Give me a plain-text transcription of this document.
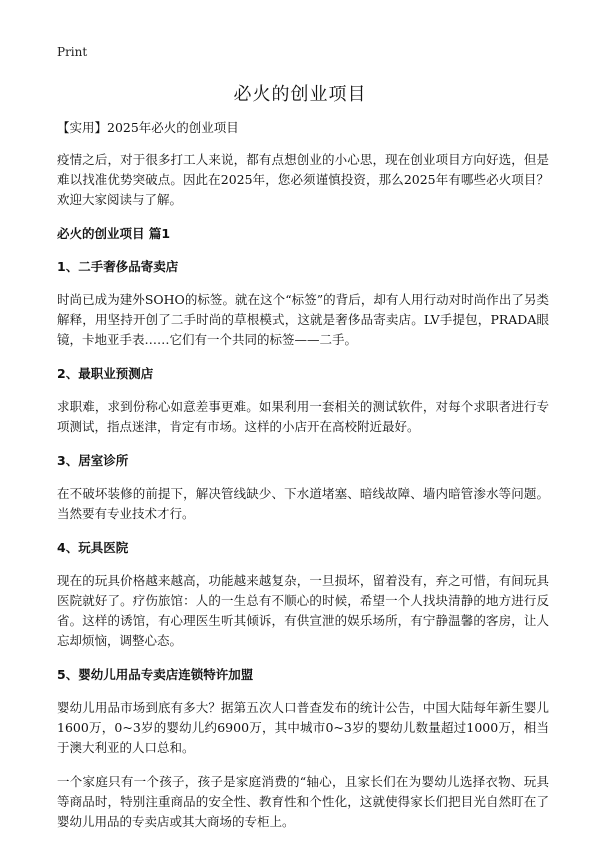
Print
必火的创业项目

【实用】2025年必火的创业项目

疫情之后，对于很多打工人来说，都有点想创业的小心思，现在创业项目方向好选，但是难以找准优势突破点。因此在2025年，您必须谨慎投资，那么2025年有哪些必火项目？欢迎大家阅读与了解。

必火的创业项目 篇1
1、二手奢侈品寄卖店

时尚已成为建外SOHO的标签。就在这个“标签”的背后，却有人用行动对时尚作出了另类解释，用坚持开创了二手时尚的草根模式，这就是奢侈品寄卖店。LV手提包，PRADA眼镜，卡地亚手表……它们有一个共同的标签——二手。

2、最职业预测店

求职难，求到份称心如意差事更难。如果利用一套相关的测试软件，对每个求职者进行专项测试，指点迷津，肯定有市场。这样的小店开在高校附近最好。

3、居室诊所

在不破坏装修的前提下，解决管线缺少、下水道堵塞、暗线故障、墙内暗管渗水等问题。当然要有专业技术才行。

4、玩具医院

现在的玩具价格越来越高，功能越来越复杂，一旦损坏，留着没有，弃之可惜，有间玩具医院就好了。疗伤旅馆：人的一生总有不顺心的时候，希望一个人找块清静的地方进行反省。这样的诱馆，有心理医生听其倾诉，有供宣泄的娱乐场所，有宁静温馨的客房，让人忘却烦恼，调整心态。

5、婴幼儿用品专卖店连锁特许加盟

婴幼儿用品市场到底有多大？据第五次人口普查发布的统计公告，中国大陆每年新生婴儿1600万，0~3岁的婴幼儿约6900万，其中城市0~3岁的婴幼儿数量超过1000万，相当于澳大利亚的人口总和。

一个家庭只有一个孩子，孩子是家庭消费的“轴心，且家长们在为婴幼儿选择衣物、玩具等商品时，特别注重商品的安全性、教育性和个性化，这就使得家长们把目光自然盯在了婴幼儿用品的专卖店或其大商场的专柜上。
